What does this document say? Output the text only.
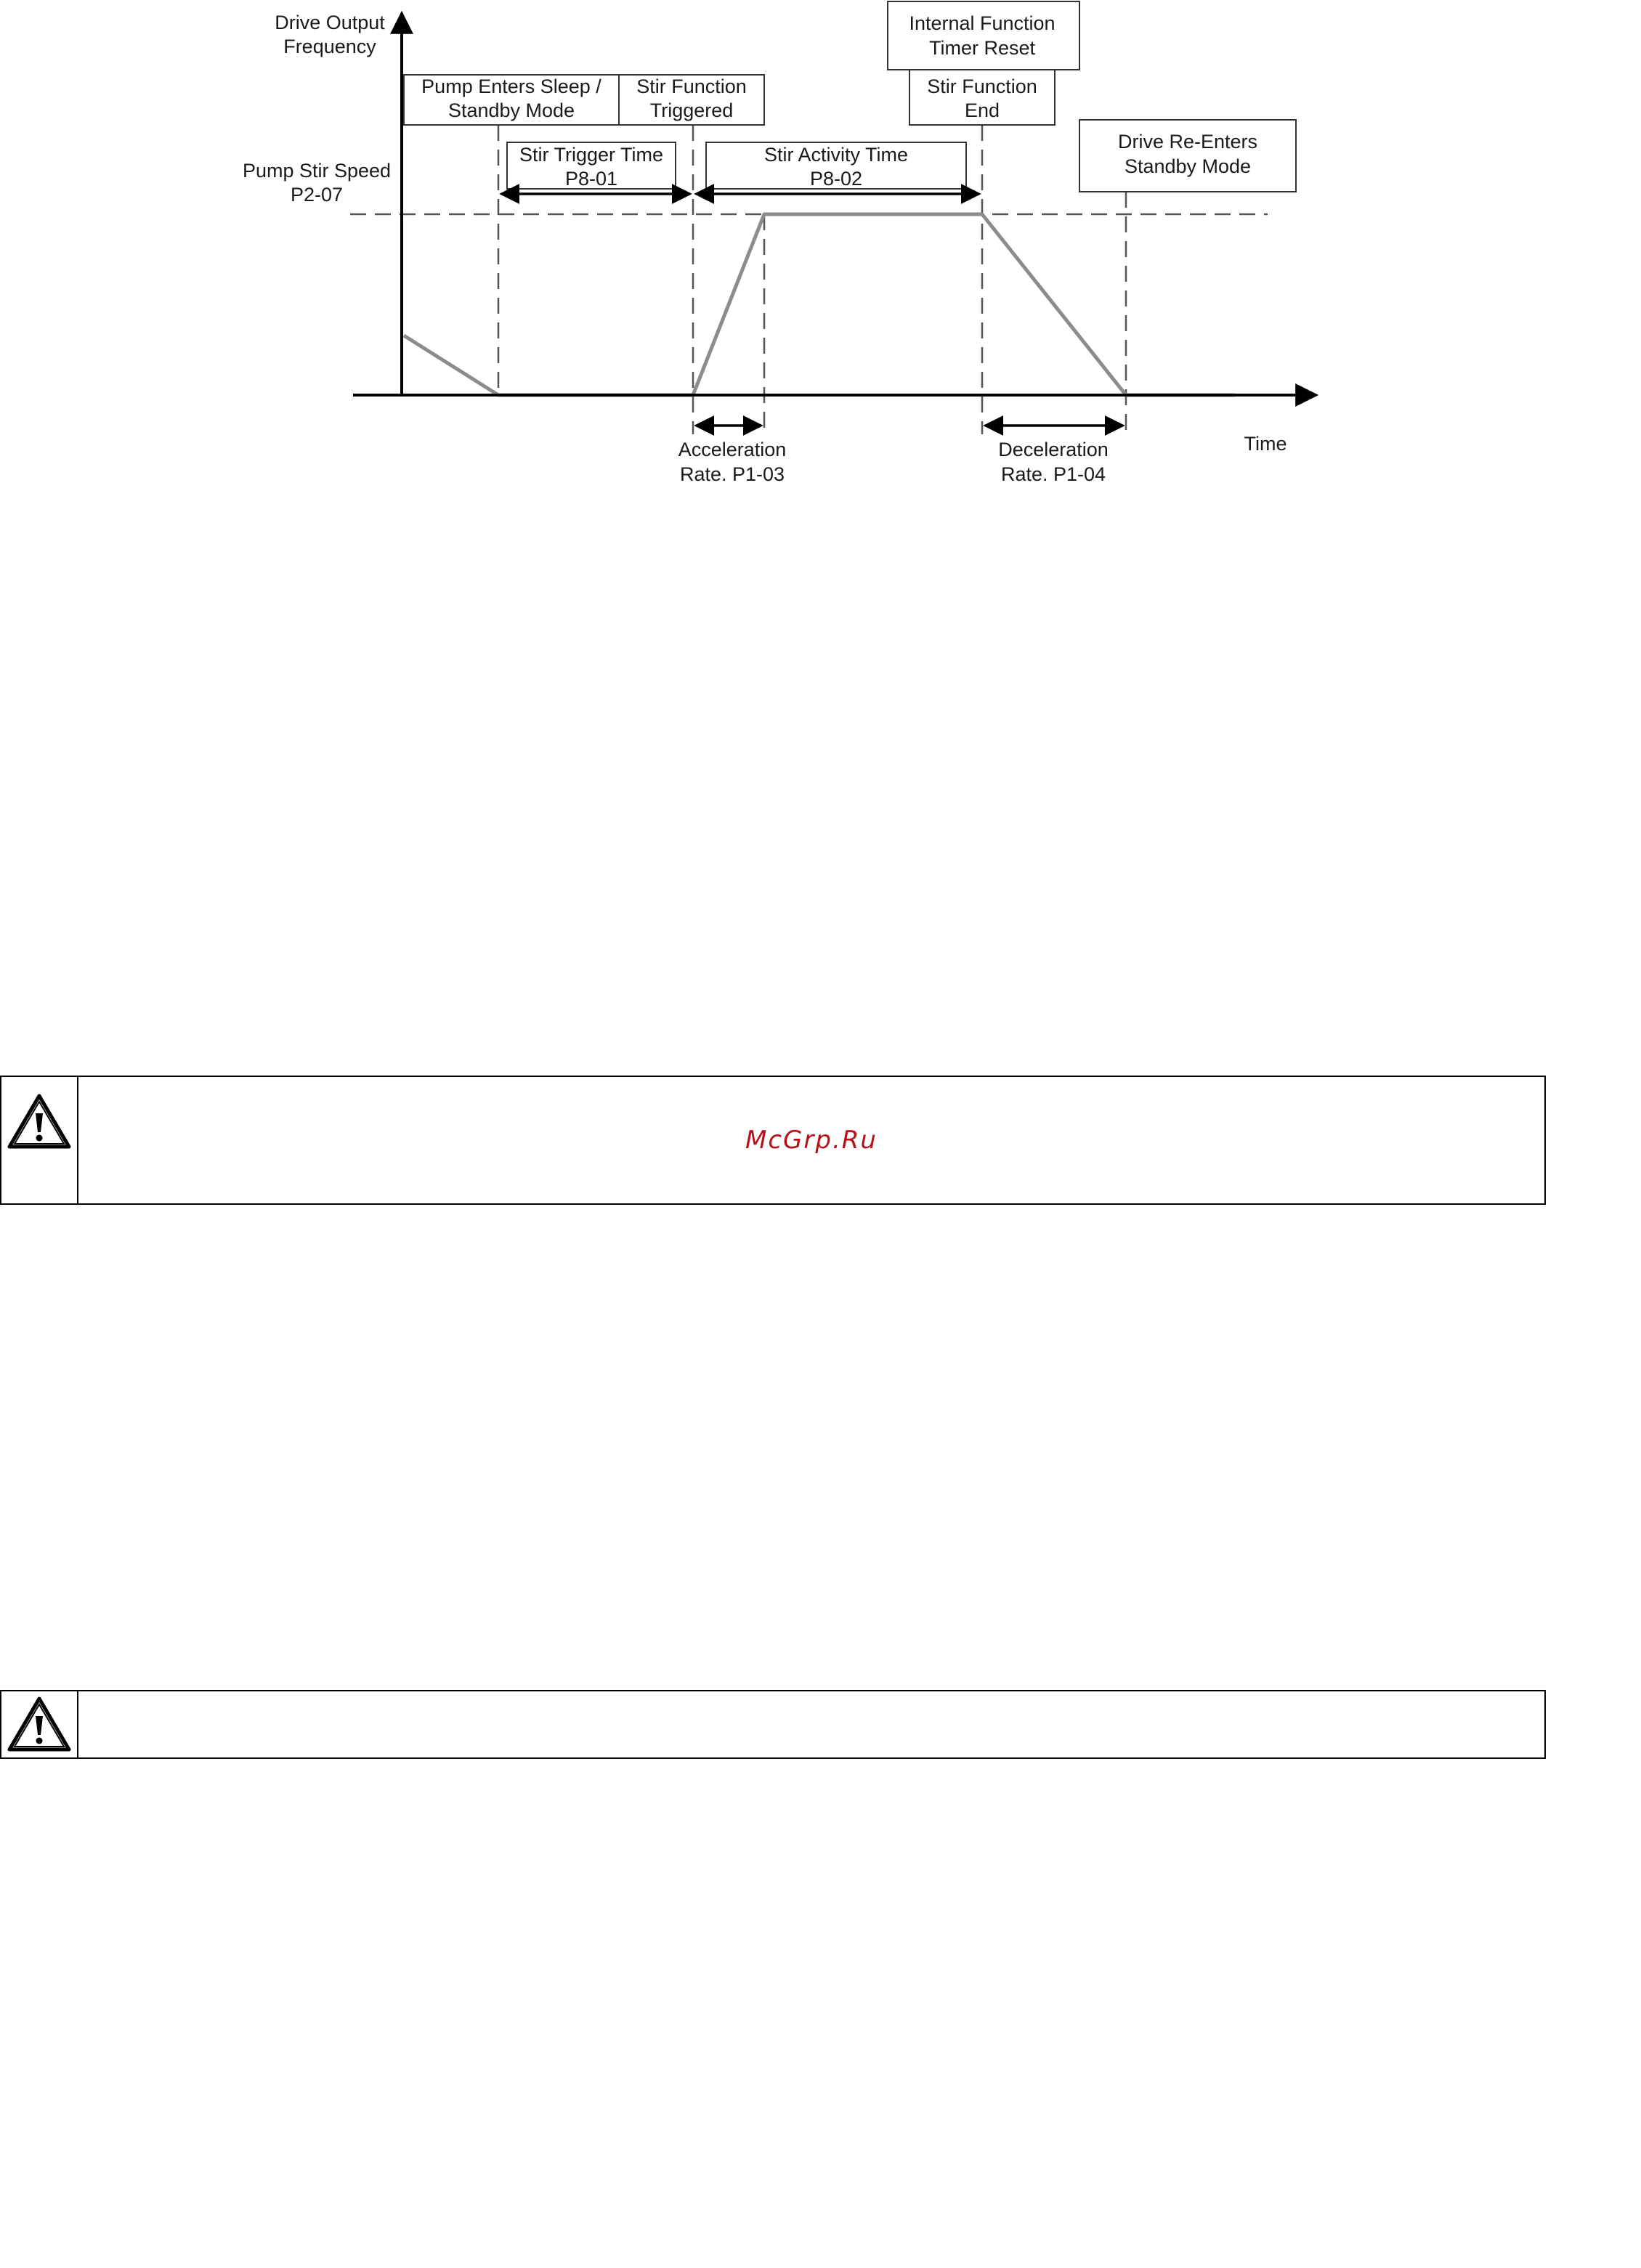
Drive Output
Frequency
Pump Stir Speed
P2-07
Pump Enters Sleep /
Standby Mode
Stir Function
Triggered
Internal Function
Timer Reset
Stir Function
End
Drive Re-Enters
Standby Mode
Stir Trigger Time
P8-01
Stir Activity Time
P8-02
Acceleration
Rate. P1-03
Deceleration
Rate. P1-04
Time
McGrp.Ru
